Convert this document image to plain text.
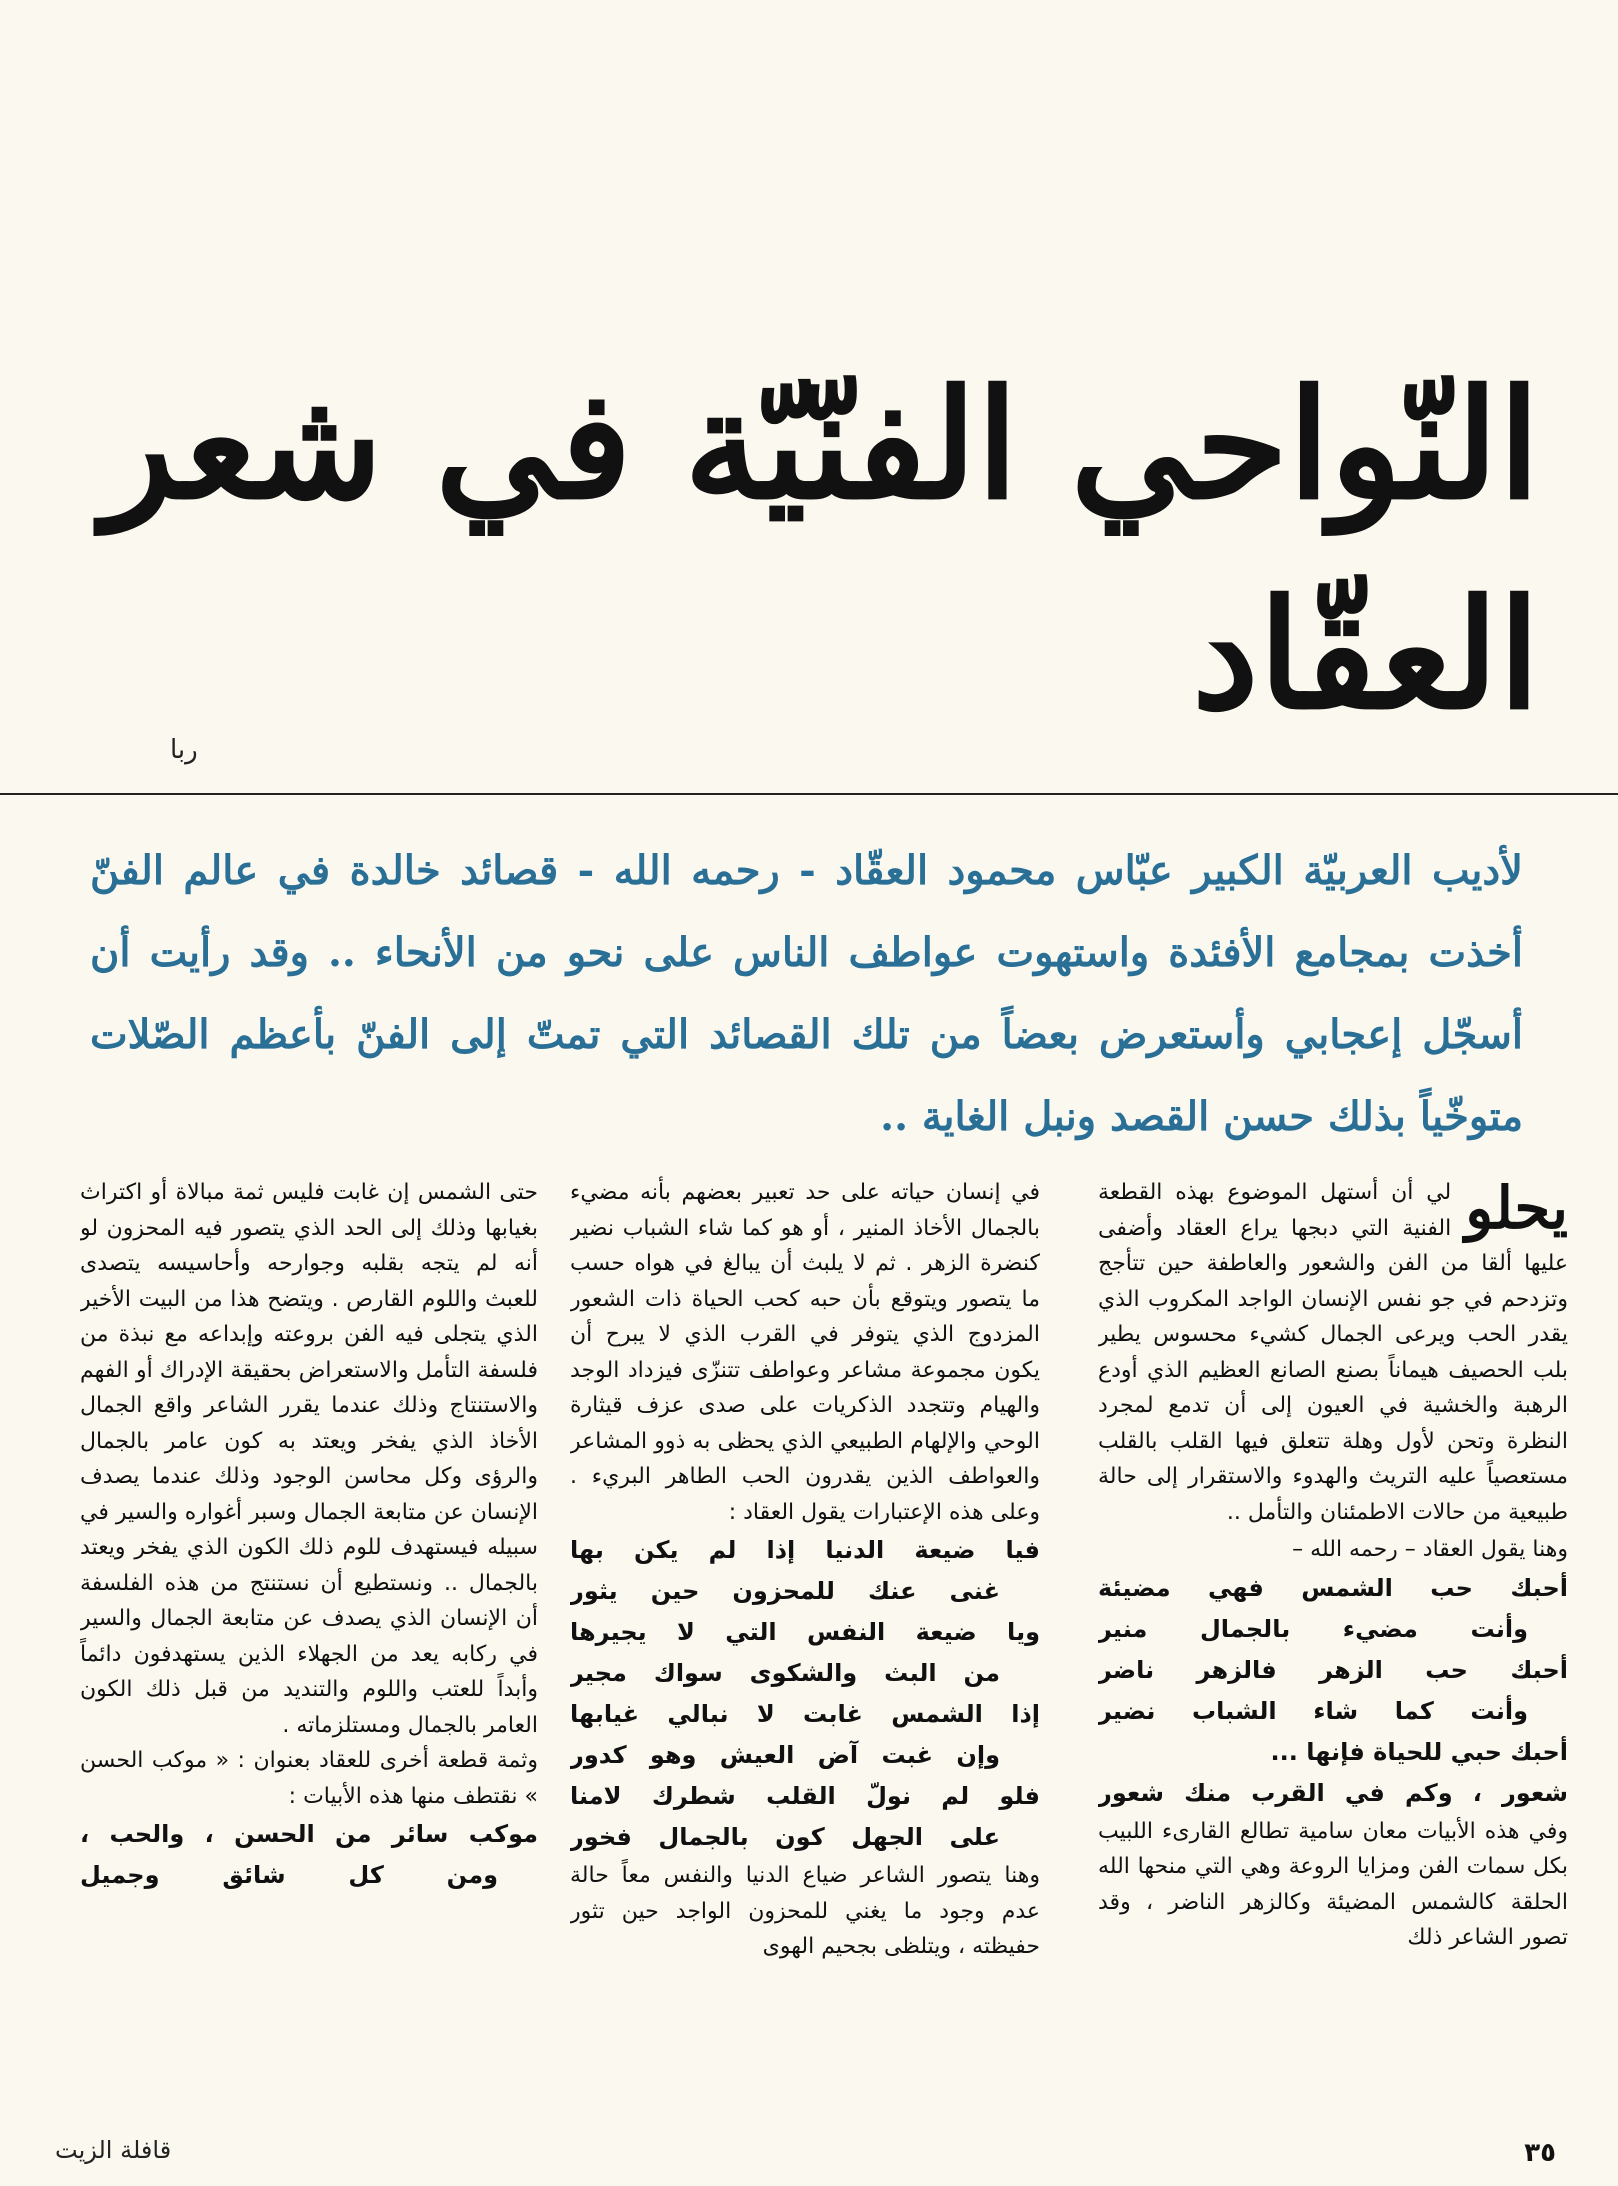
النّواحي الفنّيّة في شعر
العقّاد
ربا
لأديب العربيّة الكبير عبّاس محمود العقّاد - رحمه الله - قصائد خالدة في عالم الفنّ أخذت بمجامع الأفئدة واستهوت عواطف الناس على نحو من الأنحاء .. وقد رأيت أن أسجّل إعجابي وأستعرض بعضاً من تلك القصائد التي تمتّ إلى الفنّ بأعظم الصّلات متوخّياً بذلك حسن القصد ونبل الغاية ..

يحلو
لي أن أستهل الموضوع بهذه القطعة الفنية التي دبجها يراع العقاد وأضفى عليها ألقا من الفن والشعور والعاطفة حين تتأجج وتزدحم في جو نفس الإنسان الواجد المكروب الذي يقدر الحب ويرعى الجمال كشيء محسوس يطير بلب الحصيف هيماناً بصنع الصانع العظيم الذي أودع الرهبة والخشية في العيون إلى أن تدمع لمجرد النظرة وتحن لأول وهلة تتعلق فيها القلب بالقلب مستعصياً عليه التريث والهدوء والاستقرار إلى حالة طبيعية من حالات الاطمئنان والتأمل ..

وهنا يقول العقاد – رحمه الله –

أحبك حب الشمس فهي مضيئة

وأنت مضيء بالجمال منير

أحبك حب الزهر فالزهر ناضر

وأنت كما شاء الشباب نضير

أحبك حبي للحياة فإنها ...

شعور ، وكم في القرب منك شعور

وفي هذه الأبيات معان سامية تطالع القارىء اللبيب بكل سمات الفن ومزايا الروعة وهي التي منحها الله الحلقة كالشمس المضيئة وكالزهر الناضر ، وقد تصور الشاعر ذلك

في إنسان حياته على حد تعبير بعضهم بأنه مضيء بالجمال الأخاذ المنير ، أو هو كما شاء الشباب نضير كنضرة الزهر . ثم لا يلبث أن يبالغ في هواه حسب ما يتصور ويتوقع بأن حبه كحب الحياة ذات الشعور المزدوج الذي يتوفر في القرب الذي لا يبرح أن يكون مجموعة مشاعر وعواطف تتنزّى فيزداد الوجد والهيام وتتجدد الذكريات على صدى عزف قيثارة الوحي والإلهام الطبيعي الذي يحظى به ذوو المشاعر والعواطف الذين يقدرون الحب الطاهر البريء . وعلى هذه الإعتبارات يقول العقاد :

فيا ضيعة الدنيا إذا لم يكن بها

غنى عنك للمحزون حين يثور

ويا ضيعة النفس التي لا يجيرها

من البث والشكوى سواك مجير

إذا الشمس غابت لا نبالي غيابها

وإن غبت آض العيش وهو كدور

فلو لم نولّ القلب شطرك لامنا

على الجهل كون بالجمال فخور

وهنا يتصور الشاعر ضياع الدنيا والنفس معاً حالة عدم وجود ما يغني للمحزون الواجد حين تثور حفيظته ، ويتلظى بجحيم الهوى

حتى الشمس إن غابت فليس ثمة مبالاة أو اكتراث بغيابها وذلك إلى الحد الذي يتصور فيه المحزون لو أنه لم يتجه بقلبه وجوارحه وأحاسيسه يتصدى للعبث واللوم القارص . ويتضح هذا من البيت الأخير الذي يتجلى فيه الفن بروعته وإبداعه مع نبذة من فلسفة التأمل والاستعراض بحقيقة الإدراك أو الفهم والاستنتاج وذلك عندما يقرر الشاعر واقع الجمال الأخاذ الذي يفخر ويعتد به كون عامر بالجمال والرؤى وكل محاسن الوجود وذلك عندما يصدف الإنسان عن متابعة الجمال وسبر أغواره والسير في سبيله فيستهدف للوم ذلك الكون الذي يفخر ويعتد بالجمال .. ونستطيع أن نستنتج من هذه الفلسفة أن الإنسان الذي يصدف عن متابعة الجمال والسير في ركابه يعد من الجهلاء الذين يستهدفون دائماً وأبداً للعتب واللوم والتنديد من قبل ذلك الكون العامر بالجمال ومستلزماته .

وثمة قطعة أخرى للعقاد بعنوان : « موكب الحسن » نقتطف منها هذه الأبيات :

موكب سائر من الحسن ، والحب ،

ومن كل شائق وجميل

٣٥
قافلة الزيت
